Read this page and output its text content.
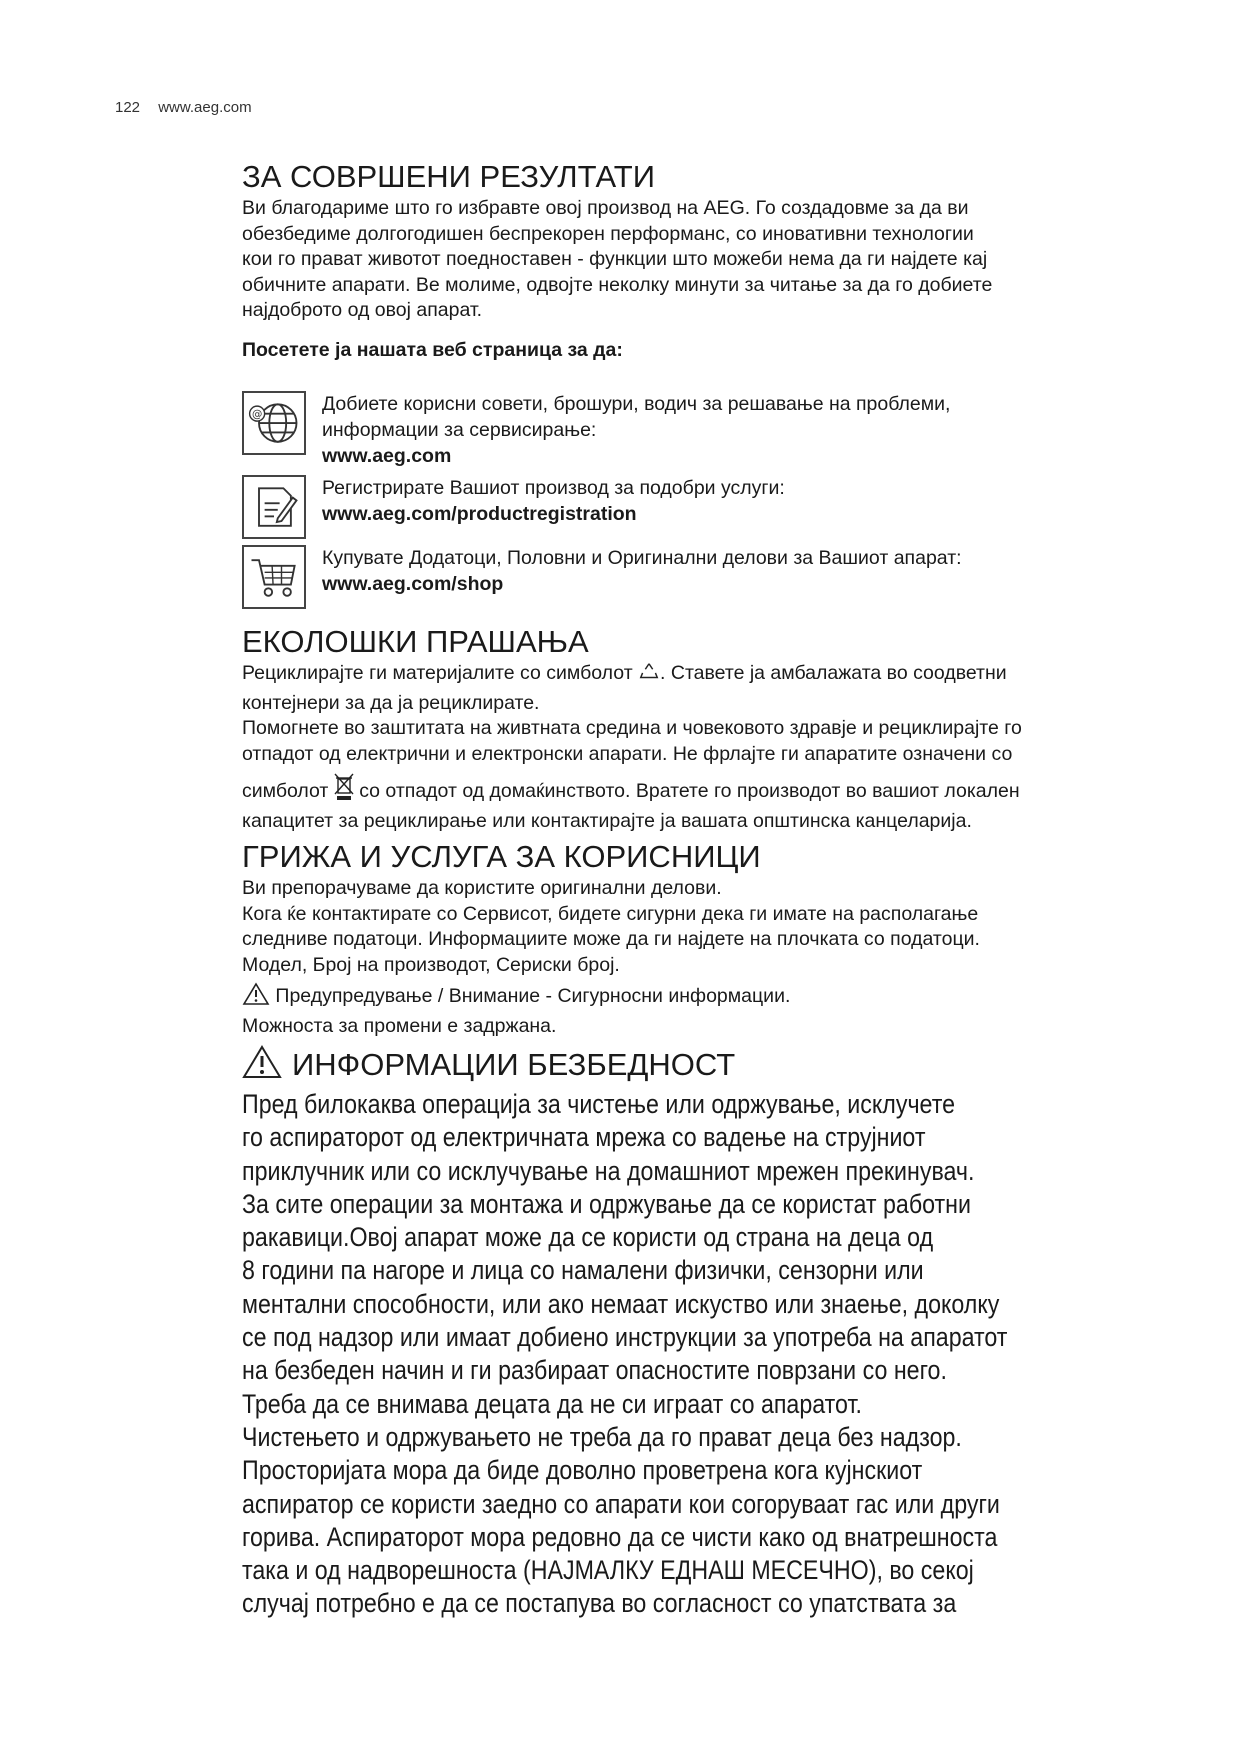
122 www.aeg.com
ЗА СОВРШЕНИ РЕЗУЛТАТИ

Ви благодариме што го избравте овој производ на AEG. Го создадовме за да ви

обезбедиме долгогодишен беспрекорен перформанс, со иновативни технологии

кои го прават животот поедноставен - функции што можеби нема да ги најдете кај

обичните апарати. Ве молиме, одвојте неколку минути за читање за да го добиете

најдоброто од овој апарат.

Посетете ја нашата веб страница за да:

@	Добиете корисни совети, брошури, водич за решавање на проблеми,

информации за сервисирање:

www.aeg.com

Регистрирате Вашиот производ за подобри услуги:

www.aeg.com/productregistration

Купувате Додатоци, Половни и Оригинални делови за Вашиот апарат:

www.aeg.com/shop

ЕКОЛОШКИ ПРАШАЊА

Рециклирајте ги материјалите со симболот . Ставете ја амбалажата во соодветни

контејнери за да ја рециклирате.

Помогнете во заштитата на живтната средина и човековото здравје и рециклирајте го

отпадот од електрични и електронски апарати. Не фрлајте ги апаратите означени со

симболот  со отпадот од домаќинството. Вратете го производот во вашиот локален

капацитет за рециклирање или контактирајте ја вашата општинска канцеларија.

ГРИЖА И УСЛУГА ЗА КОРИСНИЦИ

Ви препорачуваме да користите оригинални делови.

Кога ќе контактирате со Сервисот, бидете сигурни дека ги имате на располагање

следниве податоци. Информациите може да ги најдете на плочката со податоци.

Модел, Број на производот, Сериски број.

Предупредување / Внимание - Сигурносни информации.

Можноста за промени е задржана.

ИНФОРМАЦИИ БЕЗБЕДНОСТ
Пред билокаква операција за чистење или одржување, исклучете
го аспираторот од електричната мрежа со вадење на струјниот
приклучник или со исклучување на домашниот мрежен прекинувач.
За сите операции за монтажа и одржување да се користат работни
ракавици.Овој апарат може да се користи од страна на деца од
8 години па нагоре и лица со намалени физички, сензорни или
ментални способности, или ако немаат искуство или знаење, доколку
се под надзор или имаат добиено инструкции за употреба на апаратот
на безбеден начин и ги разбираат опасностите поврзани со него.
Треба да се внимава децата да не си играат со апаратот.
Чистењето и одржувањето не треба да го прават деца без надзор.
Просторијата мора да биде доволно проветрена кога кујнскиот
аспиратор се користи заедно со апарати кои согоруваат гас или други
горива. Аспираторот мора редовно да се чисти како од внатрешноста
така и од надворешноста (НАЈМАЛКУ ЕДНАШ МЕСЕЧНО), во секој
случај потребно е да се постапува во согласност со упатствата за
